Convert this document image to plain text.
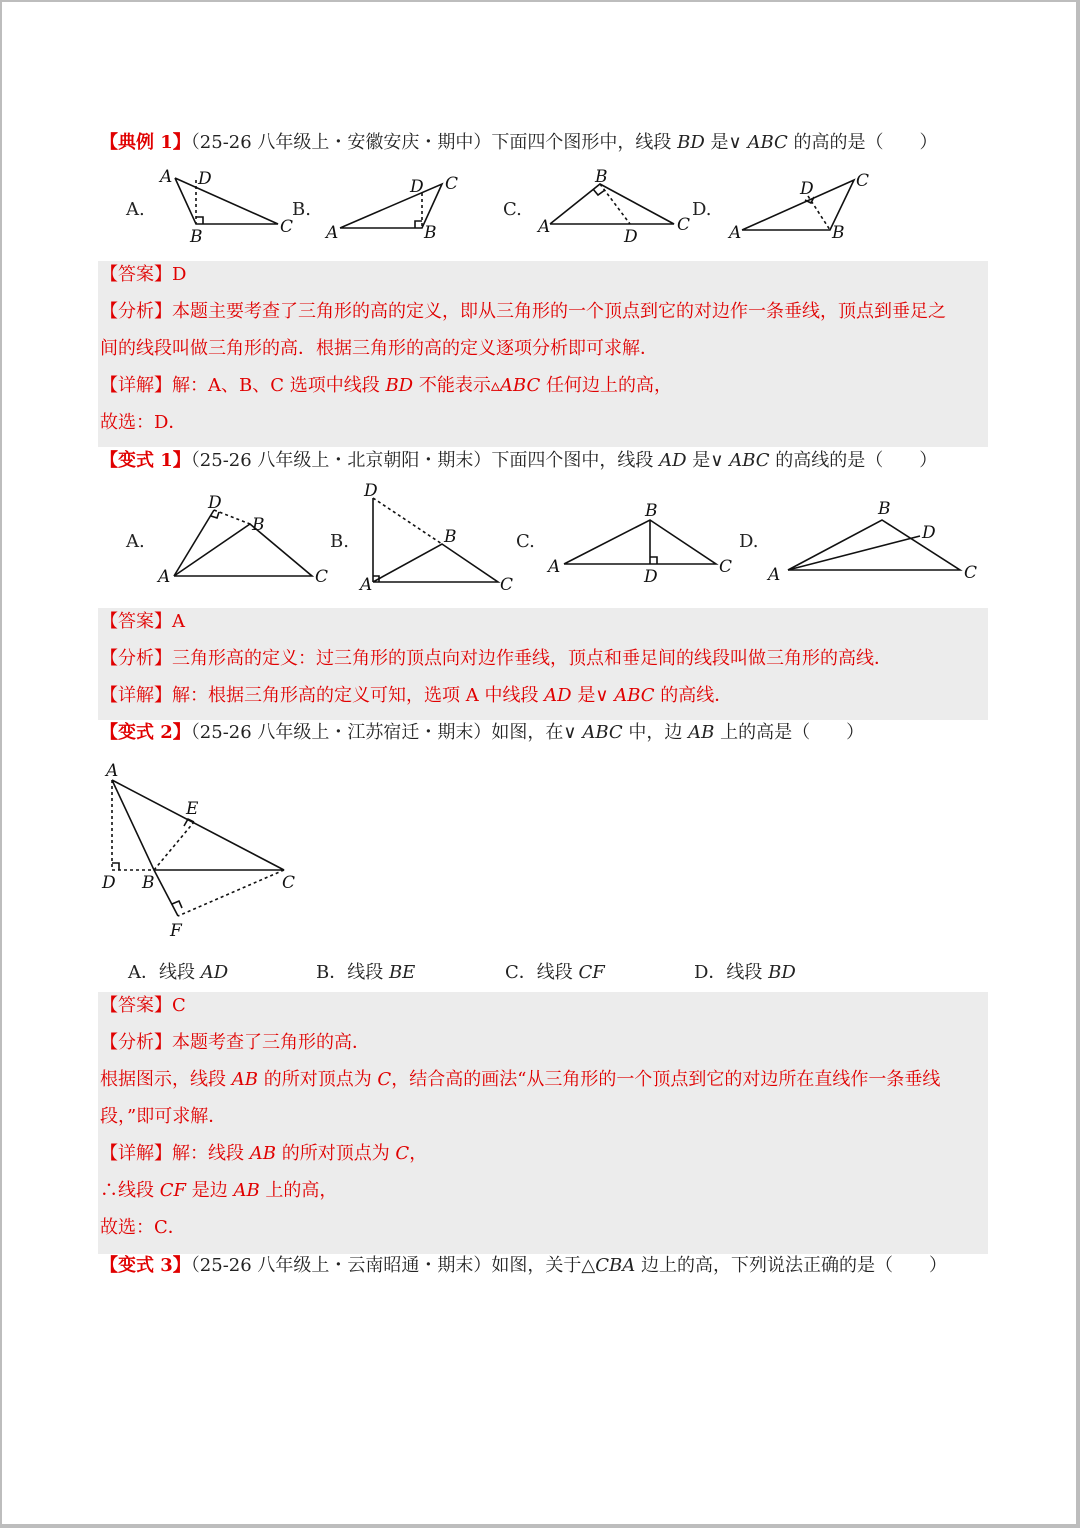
【典例 1】（25-26 八年级上・安徽安庆・期中）下面四个图形中，线段 BD 是∨ ABC 的高的是（　　）
A.	B.	C.	D.
A D
B	C A
D C
B
B
A	D
C
D C
A	B
【答案】D
【分析】本题主要考查了三角形的高的定义，即从三角形的一个顶点到它的对边作一条垂线，顶点到垂足之
间的线段叫做三角形的高．根据三角形的高的定义逐项分析即可求解．
【详解】解：A、B、C 选项中线段 BD 不能表示▵ABC 任何边上的高，
故选：D．
【变式 1】（25-26 八年级上・北京朝阳・期末）下面四个图中，线段 AD 是∨ ABC 的高线的是（　　）
A.	B.	C.	D.
D
B
A	C
D
B
A	C
B
A	D	C
B
D
A	C
【答案】A
【分析】三角形高的定义：过三角形的顶点向对边作垂线，顶点和垂足间的线段叫做三角形的高线．
【详解】解：根据三角形高的定义可知，选项 A 中线段 AD 是∨ ABC 的高线．
【变式 2】（25-26 八年级上・江苏宿迁・期末）如图，在∨ ABC 中，边 AB 上的高是（　　）
A
E
D B	C
F
A．线段 AD	B．线段 BE	C．线段 CF	D．线段 BD
【答案】C
【分析】本题考查了三角形的高．
根据图示，线段 AB 的所对顶点为 C，结合高的画法“从三角形的一个顶点到它的对边所在直线作一条垂线
段，”即可求解．
【详解】解：线段 AB 的所对顶点为 C，
∴线段 CF 是边 AB 上的高，
故选：C．
【变式 3】（25-26 八年级上・云南昭通・期末）如图，关于△CBA 边上的高，下列说法正确的是（　　）
